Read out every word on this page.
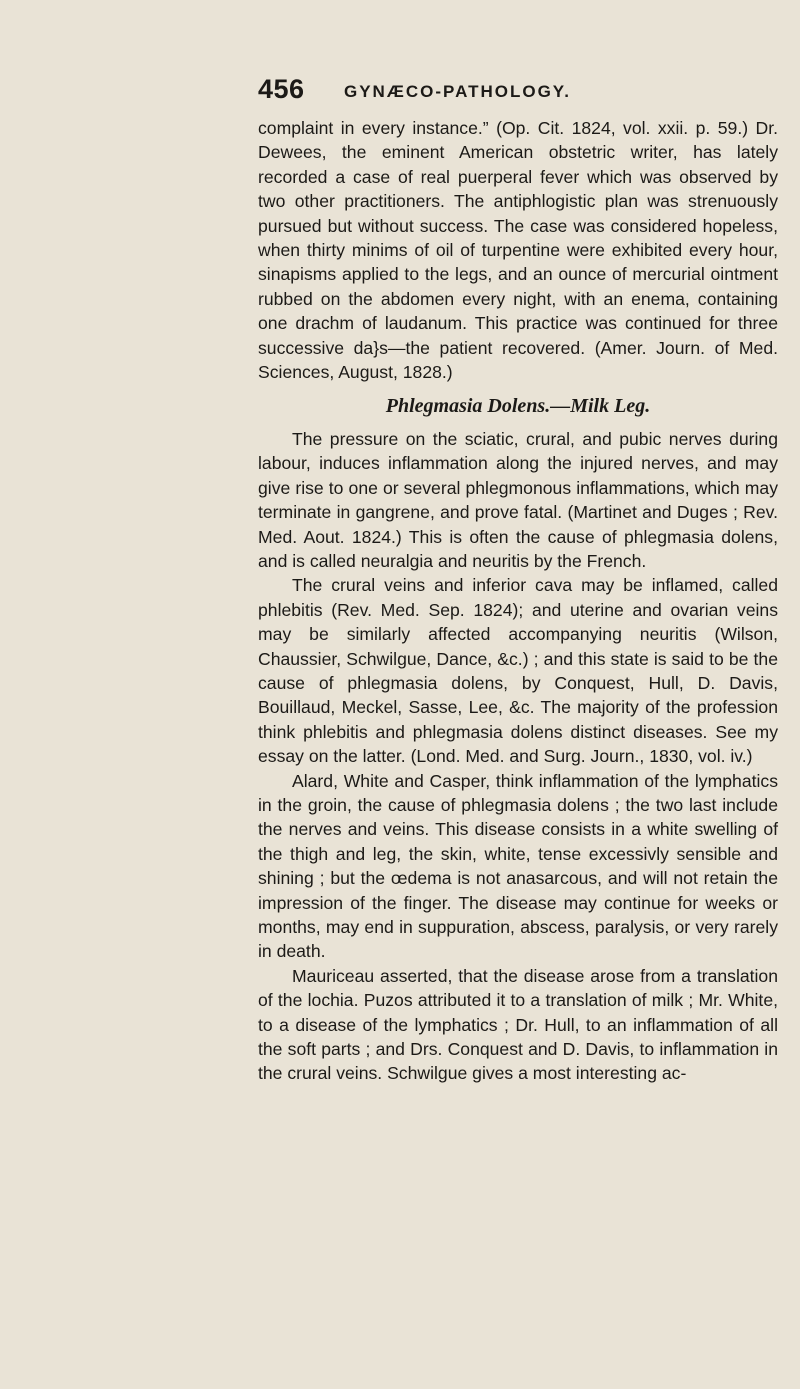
456 GYNÆCO-PATHOLOGY.

complaint in every instance.” (Op. Cit. 1824, vol. xxii. p. 59.) Dr. Dewees, the eminent American obstetric writer, has lately recorded a case of real puerperal fever which was observed by two other practitioners. The antiphlogistic plan was strenuously pursued but without success. The case was considered hopeless, when thirty minims of oil of turpentine were exhibited every hour, sinapisms applied to the legs, and an ounce of mercurial ointment rubbed on the abdomen every night, with an enema, containing one drachm of laudanum. This practice was continued for three successive da}s—the patient recovered. (Amer. Journ. of Med. Sciences, August, 1828.)

Phlegmasia Dolens.—Milk Leg.

The pressure on the sciatic, crural, and pubic nerves during labour, induces inflammation along the injured nerves, and may give rise to one or several phlegmonous inflammations, which may terminate in gangrene, and prove fatal. (Martinet and Duges ; Rev. Med. Aout. 1824.) This is often the cause of phlegmasia dolens, and is called neuralgia and neuritis by the French.

The crural veins and inferior cava may be inflamed, called phlebitis (Rev. Med. Sep. 1824); and uterine and ovarian veins may be similarly affected accompanying neuritis (Wilson, Chaussier, Schwilgue, Dance, &c.) ; and this state is said to be the cause of phlegmasia dolens, by Conquest, Hull, D. Davis, Bouillaud, Meckel, Sasse, Lee, &c. The majority of the profession think phlebitis and phlegmasia dolens distinct diseases. See my essay on the latter. (Lond. Med. and Surg. Journ., 1830, vol. iv.)

Alard, White and Casper, think inflammation of the lymphatics in the groin, the cause of phlegmasia dolens ; the two last include the nerves and veins. This disease consists in a white swelling of the thigh and leg, the skin, white, tense excessivly sensible and shining ; but the œdema is not anasarcous, and will not retain the impression of the finger. The disease may continue for weeks or months, may end in suppuration, abscess, paralysis, or very rarely in death.

Mauriceau asserted, that the disease arose from a translation of the lochia. Puzos attributed it to a translation of milk ; Mr. White, to a disease of the lymphatics ; Dr. Hull, to an inflammation of all the soft parts ; and Drs. Conquest and D. Davis, to inflammation in the crural veins. Schwilgue gives a most interesting ac-
